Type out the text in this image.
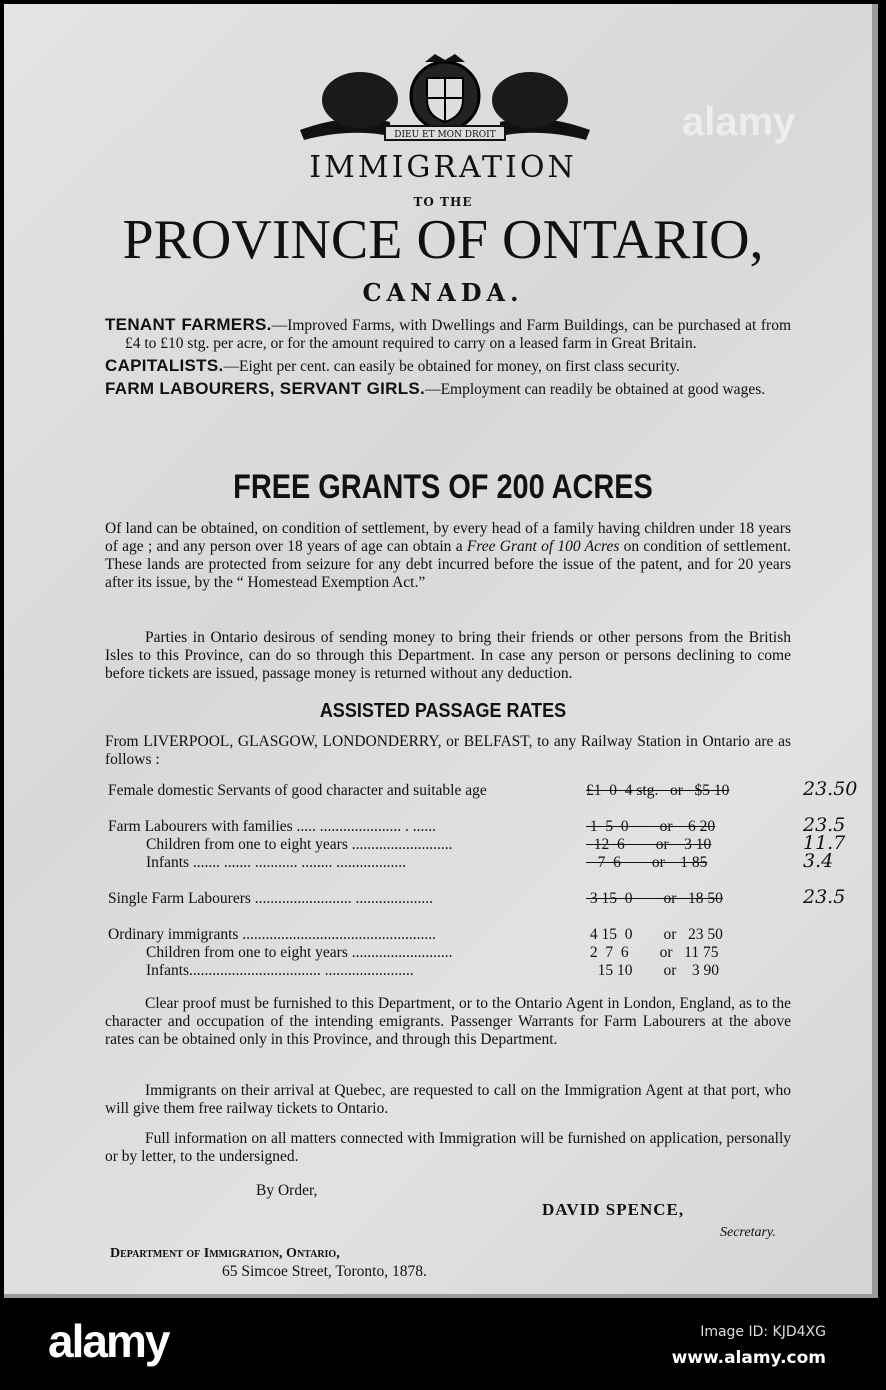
DIEU ET MON DROIT
IMMIGRATION
TO THE
PROVINCE OF ONTARIO,
CANADA.

TENANT FARMERS.—Improved Farms, with Dwellings and Farm Buildings, can be purchased at from £4 to £10 stg. per acre, or for the amount required to carry on a leased farm in Great Britain.

CAPITALISTS.—Eight per cent. can easily be obtained for money, on first class security.

FARM LABOURERS, SERVANT GIRLS.—Employment can readily be obtained at good wages.

FREE GRANTS OF 200 ACRES
Of land can be obtained, on condition of settlement, by every head of a family having children under 18 years of age ; and any person over 18 years of age can obtain a Free Grant of 100 Acres on condition of settlement. These lands are protected from seizure for any debt incurred before the issue of the patent, and for 20 years after its issue, by the “ Homestead Exemption Act.”
Parties in Ontario desirous of sending money to bring their friends or other persons from the British Isles to this Province, can do so through this Department. In case any person or persons declining to come before tickets are issued, passage money is returned without any deduction.
ASSISTED PASSAGE RATES
From LIVERPOOL, GLASGOW, LONDONDERRY, or BELFAST, to any Railway Station in Ontario are as follows :
Female domestic Servants of good character and suitable age	£1  0  4 stg.   or   $5 10	23.50
Farm Labourers with families ..... ..................... . ......	1  5  0        or    6 20	23.5
Children from one to eight years ..........................	12  6        or    3 10	11.7
Infants ....... ....... ........... ........ ..................	7  6        or    1 85	3.4
Single Farm Labourers ......................... ....................	3 15  0        or   18 50	23.5
Ordinary immigrants ..................................................	4 15  0        or   23 50
Children from one to eight years ..........................	2  7  6        or   11 75
Infants.................................. .......................	15 10        or    3 90
Clear proof must be furnished to this Department, or to the Ontario Agent in London, England, as to the character and occupation of the intending emigrants. Passenger Warrants for Farm Labourers at the above rates can be obtained only in this Province, and through this Department.
Immigrants on their arrival at Quebec, are requested to call on the Immigration Agent at that port, who will give them free railway tickets to Ontario.
Full information on all matters connected with Immigration will be furnished on application, personally or by letter, to the undersigned.
By Order,
DAVID SPENCE,
Secretary.
Department of Immigration, Ontario,
65 Simcoe Street, Toronto, 1878.
alamy
alamy	Image ID: KJD4XG
www.alamy.com
